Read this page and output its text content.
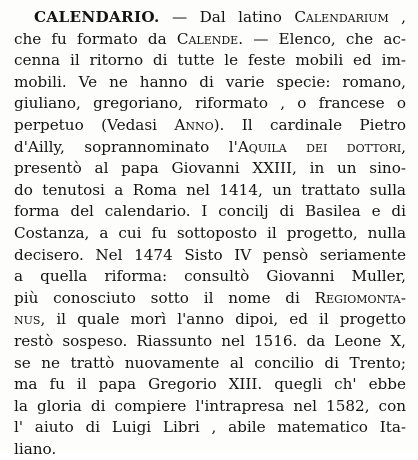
CALENDARIO. — Dal latino Calendarium ,
che fu formato da Calende. — Elenco, che ac-
cenna il ritorno di tutte le feste mobili ed im-
mobili. Ve ne hanno di varie specie: romano,
giuliano, gregoriano, riformato , o francese o
perpetuo (Vedasi Anno). Il cardinale Pietro
d'Ailly, soprannominato l'Aquila dei dottori,
presentò al papa Giovanni XXIII, in un sino-
do tenutosi a Roma nel 1414, un trattato sulla
forma del calendario. I concilj di Basilea e di
Costanza, a cui fu sottoposto il progetto, nulla
decisero. Nel 1474 Sisto IV pensò seriamente
a quella riforma: consultò Giovanni Muller,
più conosciuto sotto il nome di Regiomonta-
nus, il quale morì l'anno dipoi, ed il progetto
restò sospeso. Riassunto nel 1516. da Leone X,
se ne trattò nuovamente al concilio di Trento;
ma fu il papa Gregorio XIII. quegli ch' ebbe
la gloria di compiere l'intrapresa nel 1582, con
l' aiuto di Luigi Libri , abile matematico Ita-
liano.
